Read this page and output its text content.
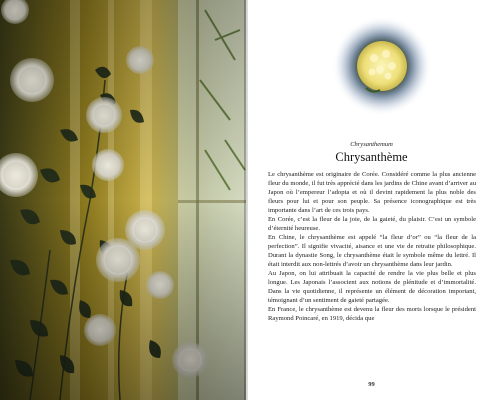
Chrysanthemum
Chrysanthème

Le chrysanthème est originaire de Corée. Considéré comme la plus ancienne fleur du monde, il fut très apprécié dans les jardins de Chine avant d’arriver au Japon où l’empereur l’adopta et où il devint rapidement la plus noble des fleurs pour lui et pour son peuple. Sa présence iconographique est très importante dans l’art de ces trois pays.

En Corée, c’est la fleur de la joie, de la gaieté, du plaisir. C’est un symbole d’éternité heureuse.

En Chine, le chrysanthème est appelé “la fleur d’or” ou “la fleur de la perfection”. Il signifie vivacité, aisance et une vie de retraite philosophique. Durant la dynastie Song, le chrysanthème était le symbole même du lettré. Il était interdit aux non-lettrés d’avoir un chrysanthème dans leur jardin.

Au Japon, on lui attribuait la capacité de rendre la vie plus belle et plus longue. Les Japonais l’associent aux notions de plénitude et d’immortalité. Dans la vie quotidienne, il représente un élément de décoration important, témoignant d’un sentiment de gaieté partagée.

En France, le chrysanthème est devenu la fleur des morts lorsque le président Raymond Poincaré, en 1919, décida que

99
